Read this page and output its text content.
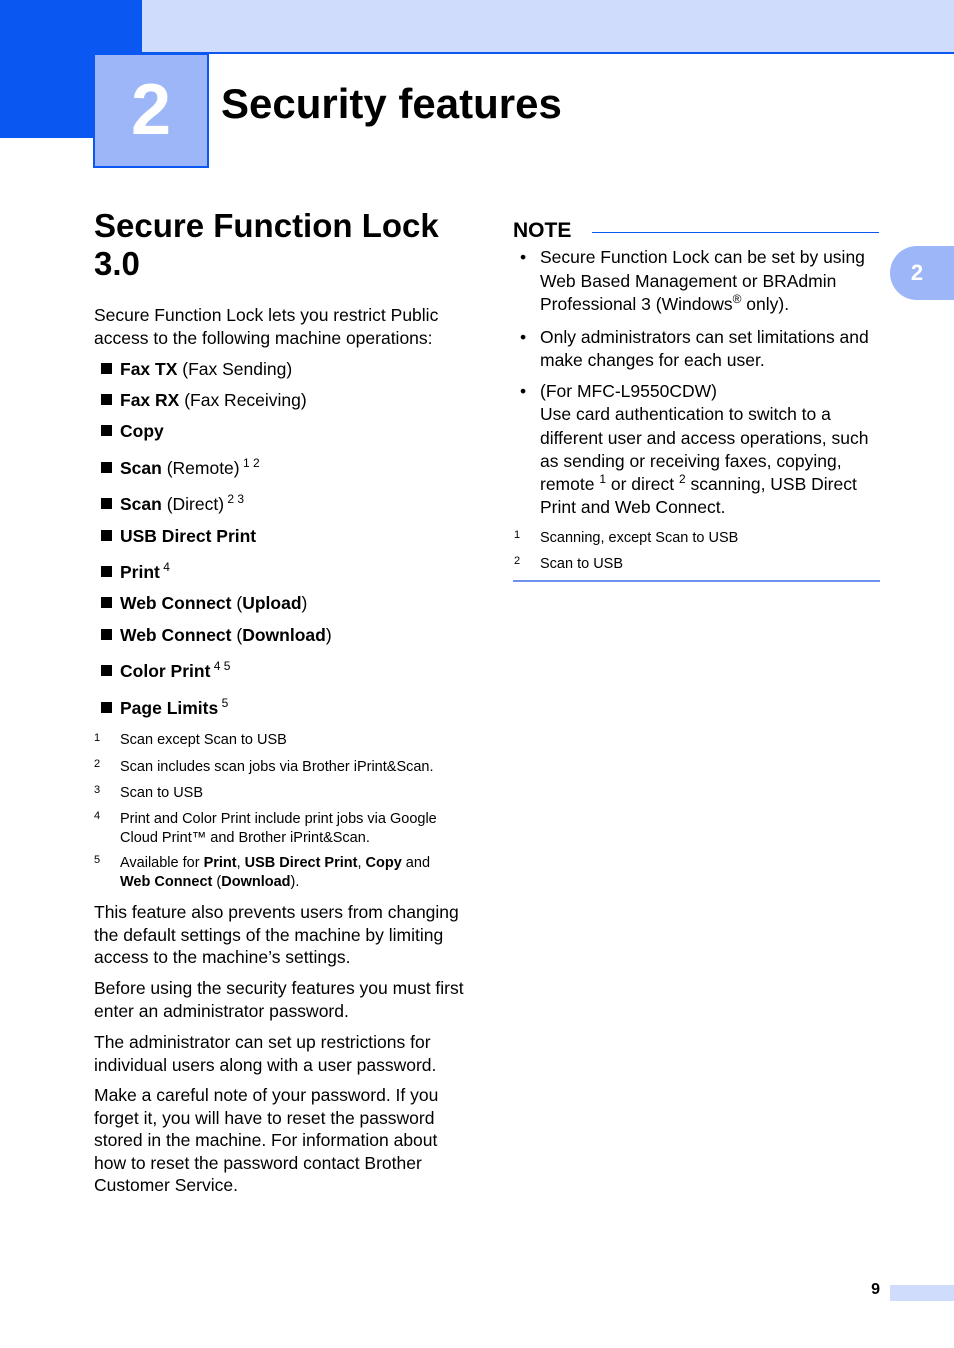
2	Security features
2
Secure Function Lock 3.0
Secure Function Lock lets you restrict Public access to the following machine operations:
Fax TX (Fax Sending)
Fax RX (Fax Receiving)
Copy
Scan (Remote) $^{1 2}$
Scan (Direct) $^{2 3}$
USB Direct Print
Print $^4$
Web Connect (Upload)
Web Connect (Download)
Color Print $^{4 5}$
Page Limits $^5$
1 Scan except Scan to USB
2 Scan includes scan jobs via Brother iPrint&Scan.
3 Scan to USB
4 Print and Color Print include print jobs via Google Cloud Print™ and Brother iPrint&Scan.
5 Available for Print, USB Direct Print, Copy and
Web Connect (Download).
This feature also prevents users from changing the default settings of the machine by limiting access to the machine’s settings.
Before using the security features you must first enter an administrator password.
The administrator can set up restrictions for individual users along with a user password.
Make a careful note of your password. If you forget it, you will have to reset the password stored in the machine. For information about how to reset the password contact Brother Customer Service.
NOTE
• Secure Function Lock can be set by using Web Based Management or BRAdmin Professional 3 (Windows® only).
• Only administrators can set limitations and make changes for each user.
• (For MFC-L9550CDW)
Use card authentication to switch to a different user and access operations, such as sending or receiving faxes, copying, remote $^1$ or direct $^2$ scanning, USB Direct Print and Web Connect.
1 Scanning, except Scan to USB
2 Scan to USB
9
